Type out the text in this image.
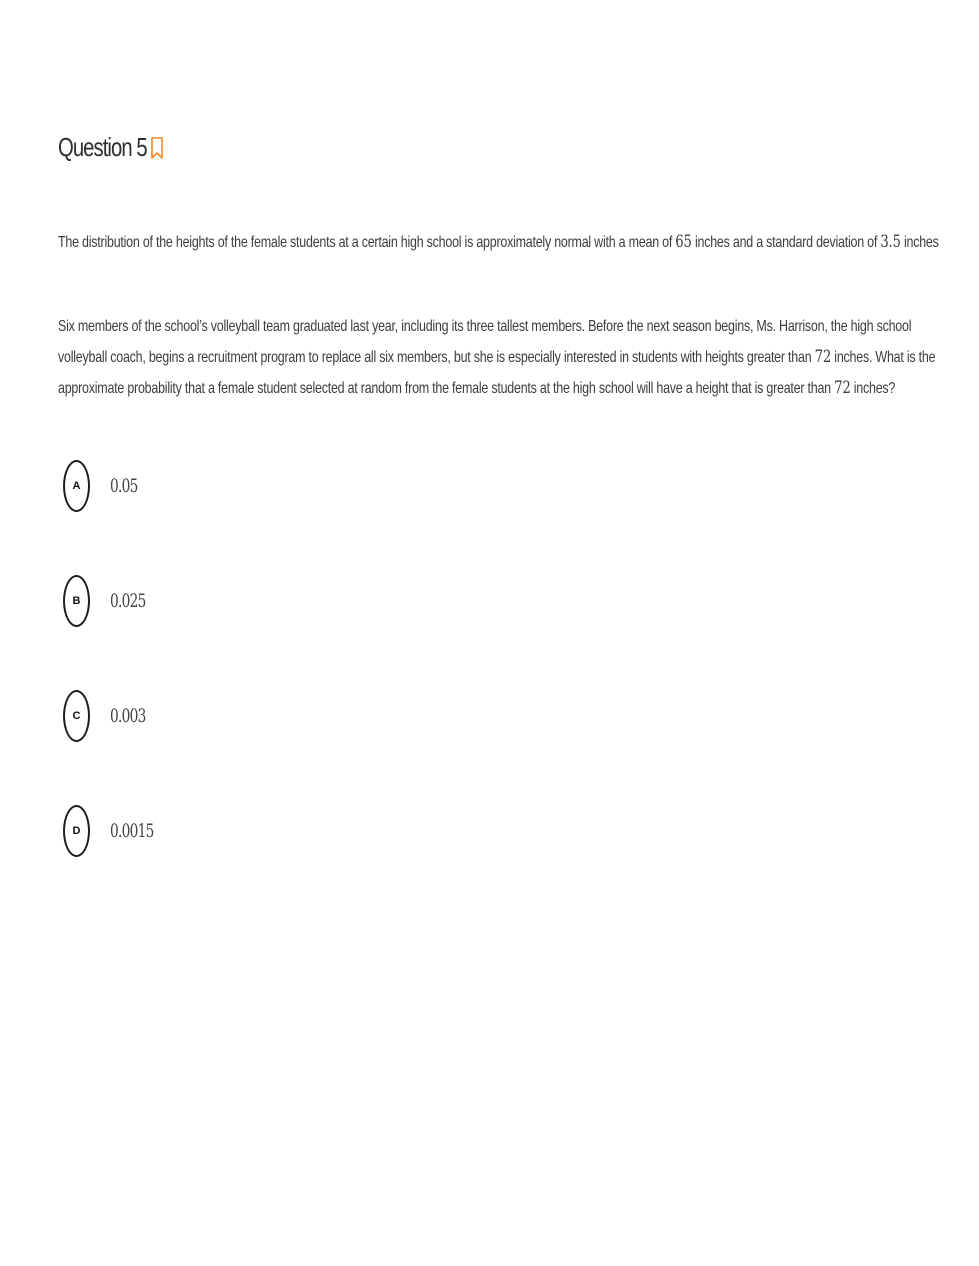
Question 5

The distribution of the heights of the female students at a certain high school is approximately normal with a mean of 65 inches and a standard deviation of 3.5 inches

Six members of the school’s volleyball team graduated last year, including its three tallest members. Before the next season begins, Ms. Harrison, the high school volleyball coach, begins a recruitment program to replace all six members, but she is especially interested in students with heights greater than 72 inches. What is the approximate probability that a female student selected at random from the female students at the high school will have a height that is greater than 72 inches?

A	0.05
B	0.025
C	0.003
D	0.0015
